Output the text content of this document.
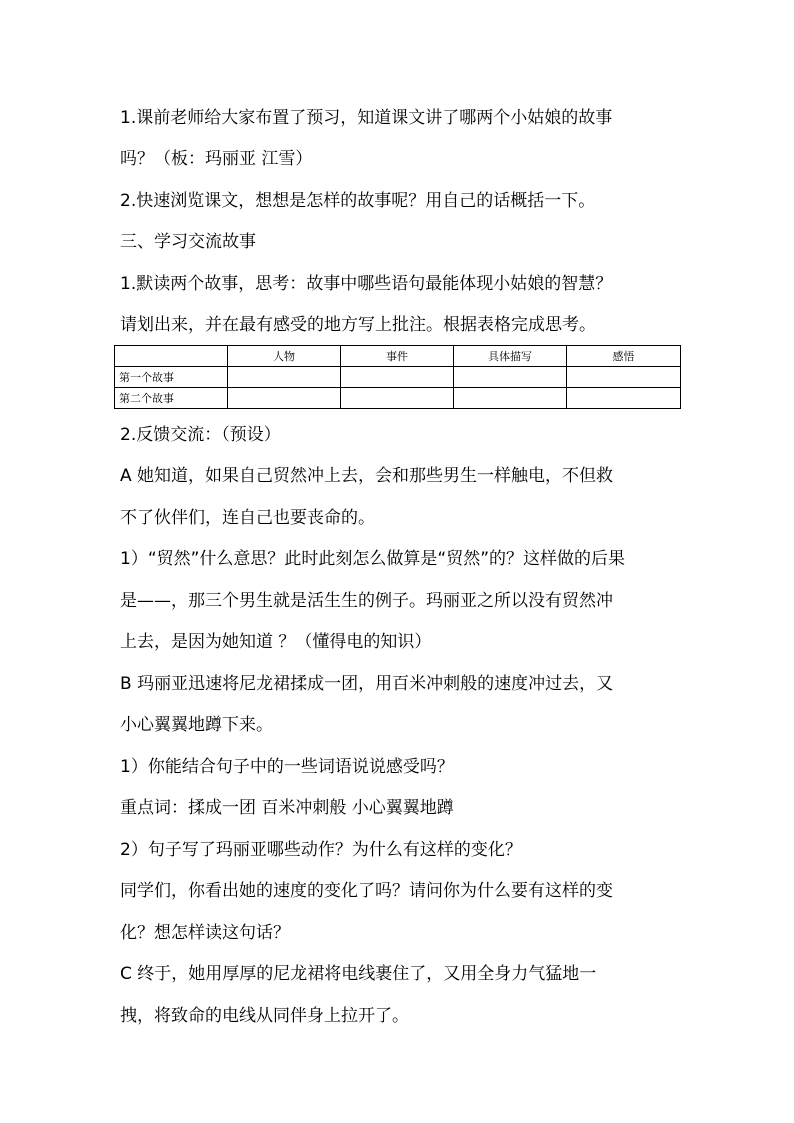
1.课前老师给大家布置了预习，知道课文讲了哪两个小姑娘的故事
吗？（板：玛丽亚 江雪）
2.快速浏览课文，想想是怎样的故事呢？用自己的话概括一下。
三、学习交流故事
1.默读两个故事，思考：故事中哪些语句最能体现小姑娘的智慧？
请划出来，并在最有感受的地方写上批注。根据表格完成思考。
	人物	事件	具体描写	感悟
第一个故事				
第二个故事				
2.反馈交流：（预设）
A 她知道，如果自己贸然冲上去，会和那些男生一样触电，不但救
不了伙伴们，连自己也要丧命的。
1）“贸然”什么意思？此时此刻怎么做算是“贸然”的？这样做的后果
是——，那三个男生就是活生生的例子。玛丽亚之所以没有贸然冲
上去，是因为她知道 ？（懂得电的知识）
B 玛丽亚迅速将尼龙裙揉成一团，用百米冲刺般的速度冲过去，又
小心翼翼地蹲下来。
1）你能结合句子中的一些词语说说感受吗？
重点词：揉成一团 百米冲刺般 小心翼翼地蹲
2）句子写了玛丽亚哪些动作？为什么有这样的变化？
同学们，你看出她的速度的变化了吗？请问你为什么要有这样的变
化？想怎样读这句话？
C 终于，她用厚厚的尼龙裙将电线裹住了，又用全身力气猛地一
拽，将致命的电线从同伴身上拉开了。
